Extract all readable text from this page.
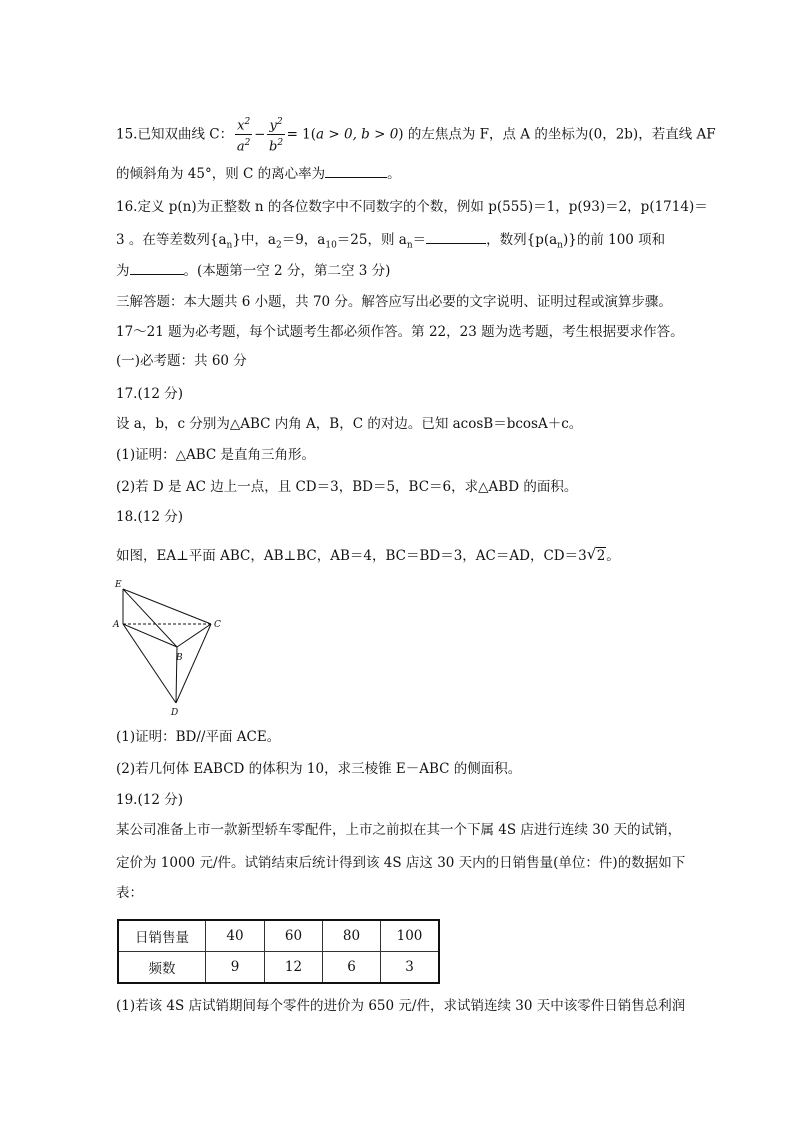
15.已知双曲线 C： $\frac{x^2}{a^2} - \frac{y^2}{b^2} = 1(a > 0$, b > 0) 的左焦点为 F，点 A 的坐标为(0，2b)，若直线 AF
的倾斜角为 45°，则 C 的离心率为	。
16.定义 p(n)为正整数 n 的各位数字中不同数字的个数，例如 p(555)＝1，p(93)＝2，p(1714)＝
3 。在等差数列$\{a_n\}$中，$a_2=9$，$a_{10}=25$，则 $a_n=$	，数列$\{p(a_n)\}$的前 100 项和
为	。(本题第一空 2 分，第二空 3 分)
三解答题：本大题共 6 小题，共 70 分。解答应写出必要的文字说明、证明过程或演算步骤。
17～21 题为必考题，每个试题考生都必须作答。第 22，23 题为选考题，考生根据要求作答。
(一)必考题：共 60 分
17.(12 分)
设 a，b，c 分别为△ABC 内角 A，B，C 的对边。已知 acosB＝bcosA＋c。
(1)证明：△ABC 是直角三角形。
(2)若 D 是 AC 边上一点，且 CD＝3，BD＝5，BC＝6，求△ABD 的面积。
18.(12 分)
如图，EA⊥平面 ABC，AB⊥BC，AB＝4，BC＝BD＝3，AC＝AD，CD＝3 √ 2。
E
A	C
B
D
(1)证明：BD//平面 ACE。
(2)若几何体 EABCD 的体积为 10，求三棱锥 E－ABC 的侧面积。
19.(12 分)
某公司准备上市一款新型轿车零配件，上市之前拟在其一个下属 4S 店进行连续 30 天的试销，
定价为 1000 元/件。试销结束后统计得到该 4S 店这 30 天内的日销售量(单位：件)的数据如下
表：
日销售量	40	60	80	100
频数	9	12	6	3
(1)若该 4S 店试销期间每个零件的进价为 650 元/件，求试销连续 30 天中该零件日销售总利润
